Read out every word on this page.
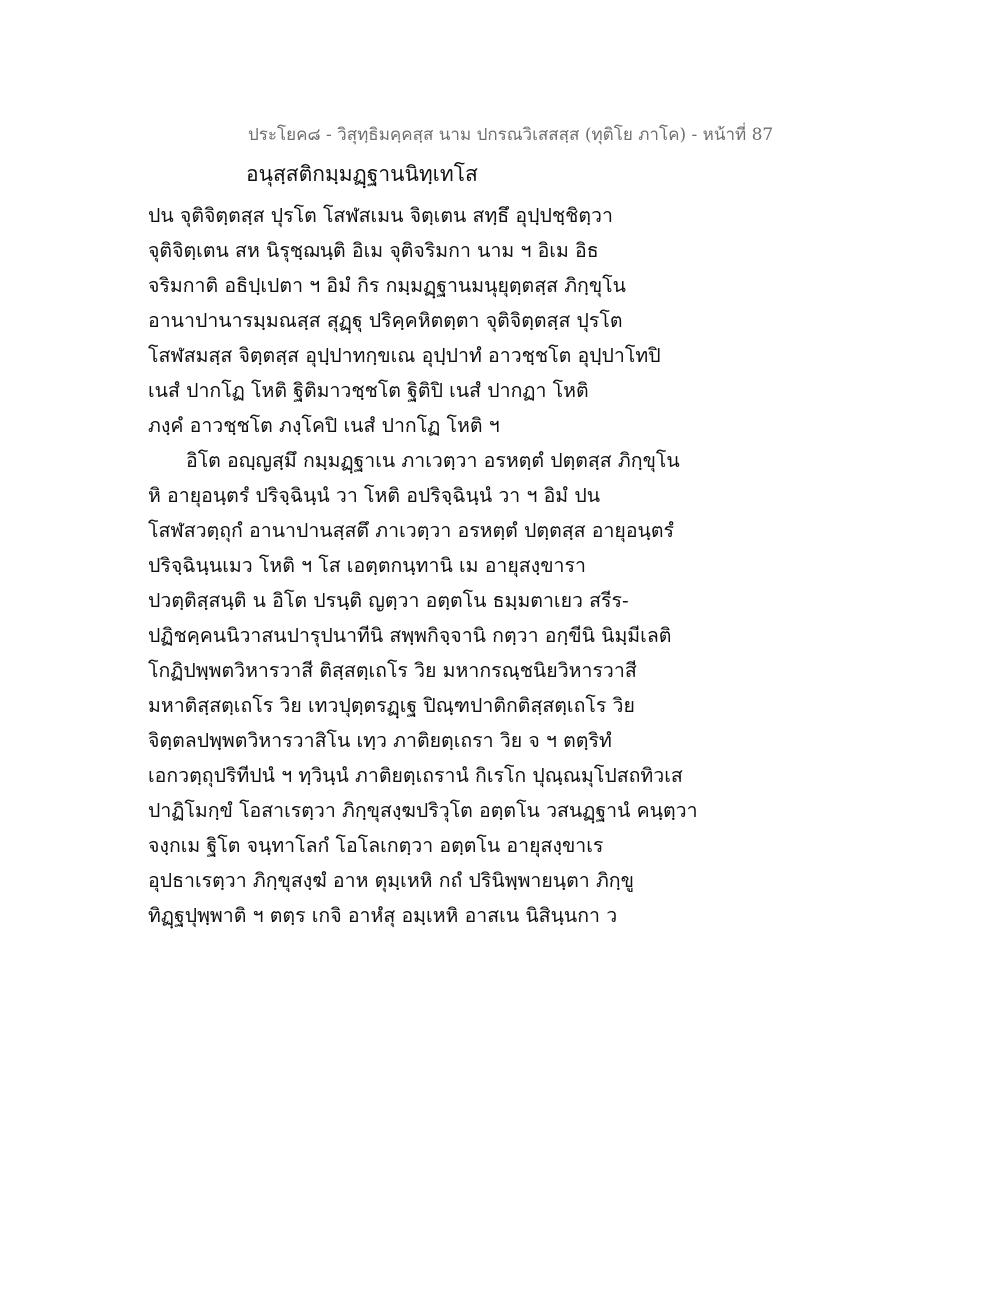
ประโยค๘ - วิสุทฺธิมคฺคสฺส นาม ปกรณวิเสสสฺส (ทุติโย ภาโค) - หน้าที่ 87
อนุสฺสติกมฺมฏฺฐานนิทฺเทโส
ปน จุติจิตฺตสฺส ปุรโต โสฬสเมน จิตฺเตน สทฺธึ อุปฺปชฺชิตฺวา
จุติจิตฺเตน สห นิรุชฺฌนฺติ อิเม จุติจริมกา นาม ฯ อิเม อิธ
จริมกาติ อธิปฺเปตา ฯ อิมํ กิร กมฺมฏฺฐานมนุยุตฺตสฺส ภิกฺขุโน
อานาปานารมฺมณสฺส สุฏฺฐุ ปริคฺคหิตตฺตา จุติจิตฺตสฺส ปุรโต
โสฬสมสฺส จิตฺตสฺส อุปฺปาทกฺขเณ อุปฺปาทํ อาวชฺชโต อุปฺปาโทปิ
เนสํ ปากโฏ โหติ ฐิติมาวชฺชโต ฐิติปิ เนสํ ปากฏา โหติ
ภงฺคํ อาวชฺชโต ภงฺโคปิ เนสํ ปากโฏ โหติ ฯ
อิโต อญฺญสฺมึ กมฺมฏฺฐาเน ภาเวตฺวา อรหตฺตํ ปตฺตสฺส ภิกฺขุโน
หิ อายุอนฺตรํ ปริจฺฉินฺนํ วา โหติ อปริจฺฉินฺนํ วา ฯ อิมํ ปน
โสฬสวตฺถุกํ อานาปานสฺสตึ ภาเวตฺวา อรหตฺตํ ปตฺตสฺส อายุอนฺตรํ
ปริจฺฉินฺนเมว โหติ ฯ โส เอตฺตกนฺทานิ เม อายุสงฺขารา
ปวตฺติสฺสนฺติ น อิโต ปรนฺติ ญตฺวา อตฺตโน ธมฺมตาเยว สรีร-
ปฏิชคฺคนนิวาสนปารุปนาทีนิ สพฺพกิจฺจานิ กตฺวา อกฺขีนิ นิมฺมีเลติ
โกฏิปพฺพตวิหารวาสี ติสฺสตฺเถโร วิย มหากรณฺชนิยวิหารวาสี
มหาติสฺสตฺเถโร วิย เทวปุตฺตรฏฺเฐ ปิณฺฑปาติกติสฺสตฺเถโร วิย
จิตฺตลปพฺพตวิหารวาสิโน เทฺว ภาติยตฺเถรา วิย จ ฯ ตตฺริทํ
เอกวตฺถุปริทีปนํ ฯ ทฺวินฺนํ ภาติยตฺเถรานํ กิเรโก ปุณฺณมุโปสถทิวเส
ปาฏิโมกฺขํ โอสาเรตฺวา ภิกฺขุสงฺฆปริวุโต อตฺตโน วสนฏฺฐานํ คนฺตฺวา
จงฺกเม ฐิโต จนฺทาโลกํ โอโลเกตฺวา อตฺตโน อายุสงฺขาเร
อุปธาเรตฺวา ภิกฺขุสงฺฆํ อาห ตุมฺเหหิ กถํ ปรินิพฺพายนฺตา ภิกฺขู
ทิฏฺฐปุพฺพาติ ฯ ตตฺร เกจิ อาหํสุ อมฺเหหิ อาสเน นิสินฺนกา ว
